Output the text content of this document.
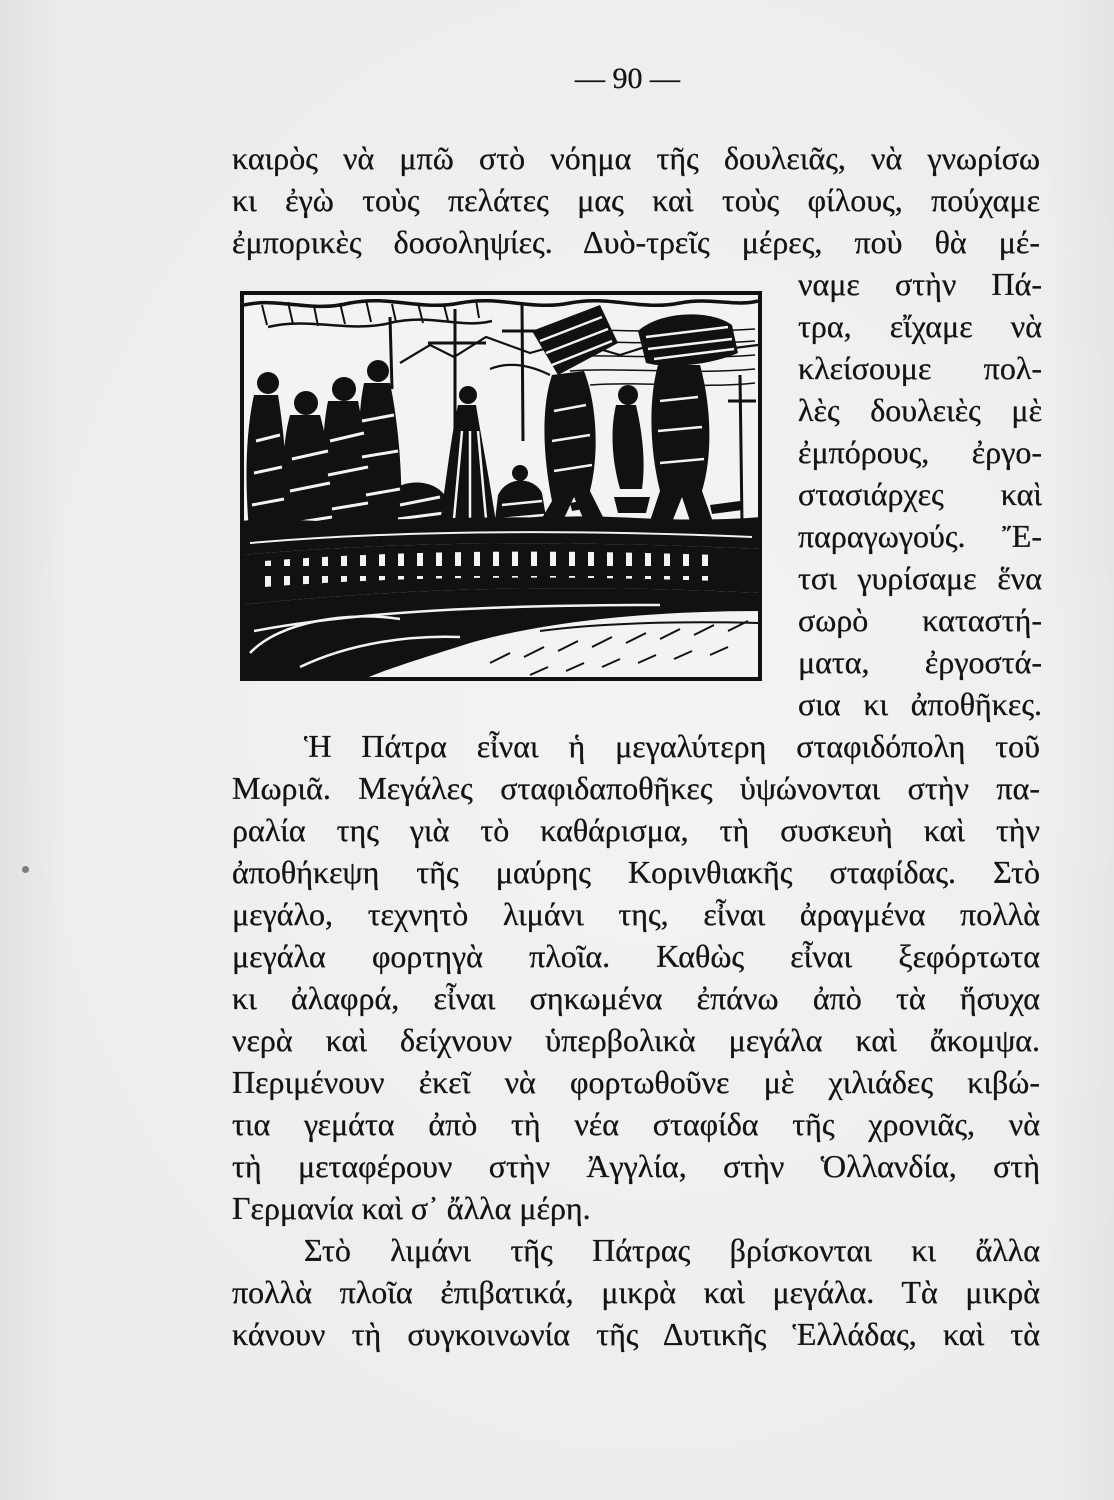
— 90 —
καιρὸς νὰ μπῶ στὸ νόημα τῆς δουλειᾶς, νὰ γνωρίσω
κι ἐγὼ τοὺς πελάτες μας καὶ τοὺς φίλους, πούχαμε
ἐμπορικὲς δοσοληψίες. Δυὸ-τρεῖς μέρες, ποὺ θὰ μέ-
ναμε στὴν Πά-
τρα, εἴχαμε νὰ
κλείσουμε πολ-
λὲς δουλειὲς μὲ
ἐμπόρους, ἐργο-
στασιάρχες καὶ
παραγωγούς. Ἔ-
τσι γυρίσαμε ἕνα
σωρὸ καταστή-
ματα, ἐργοστά-
σια κι ἀποθῆκες.
Ἡ Πάτρα εἶναι ἡ μεγαλύτερη σταφιδόπολη τοῦ
Μωριᾶ. Μεγάλες σταφιδαποθῆκες ὑψώνονται στὴν πα-
ραλία της γιὰ τὸ καθάρισμα, τὴ συσκευὴ καὶ τὴν
ἀποθήκεψη τῆς μαύρης Κορινθιακῆς σταφίδας. Στὸ
μεγάλο, τεχνητὸ λιμάνι της, εἶναι ἀραγμένα πολλὰ
μεγάλα φορτηγὰ πλοῖα. Καθὼς εἶναι ξεφόρτωτα
κι ἀλαφρά, εἶναι σηκωμένα ἐπάνω ἀπὸ τὰ ἥσυχα
νερὰ καὶ δείχνουν ὑπερβολικὰ μεγάλα καὶ ἄκομψα.
Περιμένουν ἐκεῖ νὰ φορτωθοῦνε μὲ χιλιάδες κιβώ-
τια γεμάτα ἀπὸ τὴ νέα σταφίδα τῆς χρονιᾶς, νὰ
τὴ μεταφέρουν στὴν Ἀγγλία, στὴν Ὁλλανδία, στὴ
Γερμανία καὶ σ᾽ ἄλλα μέρη.
Στὸ λιμάνι τῆς Πάτρας βρίσκονται κι ἄλλα
πολλὰ πλοῖα ἐπιβατικά, μικρὰ καὶ μεγάλα. Τὰ μικρὰ
κάνουν τὴ συγκοινωνία τῆς Δυτικῆς Ἑλλάδας, καὶ τὰ
